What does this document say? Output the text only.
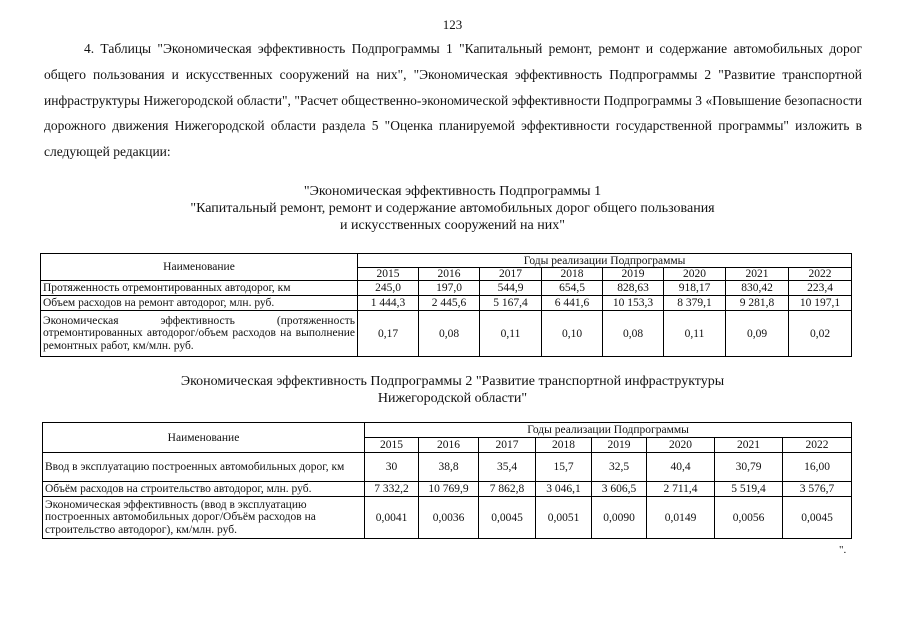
123

4. Таблицы "Экономическая эффективность Подпрограммы 1 "Капитальный ремонт, ремонт и содержание автомобильных дорог общего пользования и искусственных сооружений на них", "Экономическая эффективность Подпрограммы 2 "Развитие транспортной инфраструктуры Нижегородской области", "Расчет общественно-экономической эффективности Подпрограммы 3 «Повышение безопасности дорожного движения Нижегородской области раздела 5 "Оценка планируемой эффективности государственной программы" изложить в следующей редакции:

"Экономическая эффективность Подпрограммы 1
"Капитальный ремонт, ремонт и содержание автомобильных дорог общего пользования
и искусственных сооружений на них"
Наименование	Годы реализации Подпрограммы							
	2015	2016	2017	2018	2019	2020	2021	2022
Протяженность отремонтированных автодорог, км	245,0	197,0	544,9	654,5	828,63	918,17	830,42	223,4
Объем расходов на ремонт автодорог, млн. руб.	1 444,3	2 445,6	5 167,4	6 441,6	10 153,3	8 379,1	9 281,8	10 197,1
Экономическая эффективность (протяженность отремонтированных автодорог/объем расходов на выполнение ремонтных работ, км/млн. руб.	0,17	0,08	0,11	0,10	0,08	0,11	0,09	0,02
Экономическая эффективность Подпрограммы 2 "Развитие транспортной инфраструктуры
Нижегородской области"
Наименование	Годы реализации Подпрограммы							
	2015	2016	2017	2018	2019	2020	2021	2022
Ввод в эксплуатацию построенных автомобильных дорог, км	30	38,8	35,4	15,7	32,5	40,4	30,79	16,00
Объём расходов на строительство автодорог, млн. руб.	7 332,2	10 769,9	7 862,8	3 046,1	3 606,5	2 711,4	5 519,4	3 576,7
Экономическая эффективность (ввод в эксплуатацию построенных автомобильных дорог/Объём расходов на строительство автодорог), км/млн. руб.	0,0041	0,0036	0,0045	0,0051	0,0090	0,0149	0,0056	0,0045
".
